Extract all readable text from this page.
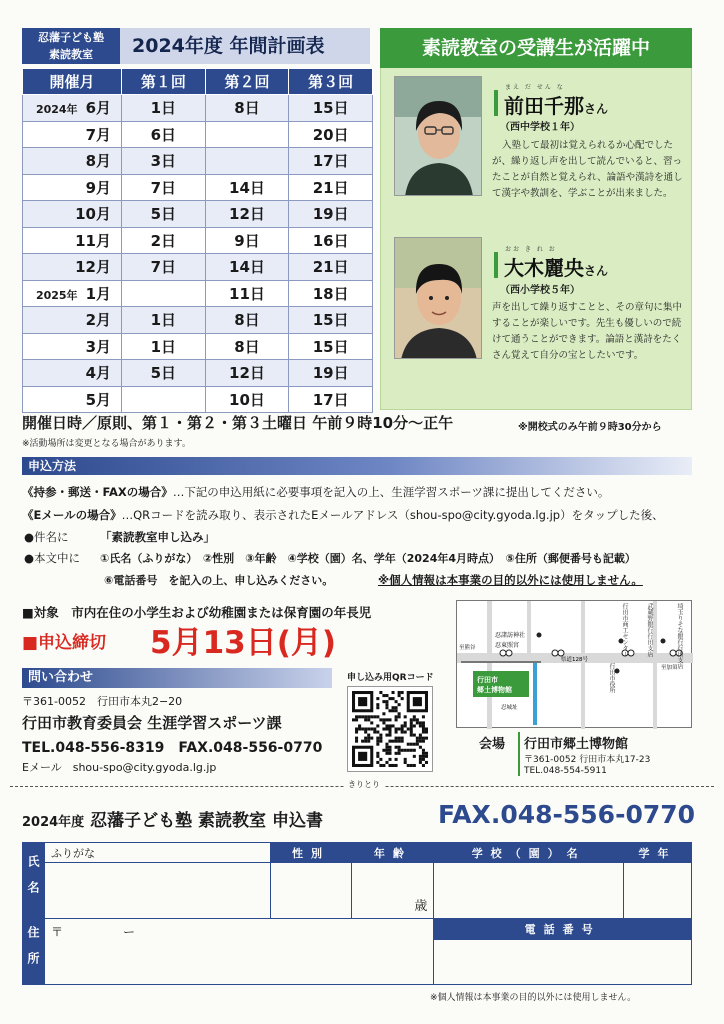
忍藩子ども塾
素読教室	2024年度 年間計画表
開催月	第１回	第２回	第３回
2024年 6月	1日	8日	15日
7月	6日		20日
8月	3日		17日
9月	7日	14日	21日
10月	5日	12日	19日
11月	2日	9日	16日
12月	7日	14日	21日
2025年 1月		11日	18日
2月	1日	8日	15日
3月	1日	8日	15日
4月	5日	12日	19日
5月		10日	17日
素読教室の受講生が活躍中
まえ だ せん な
前田千那さん
（西中学校１年）
入塾して最初は覚えられるか心配でしたが、繰り返し声を出して読んでいると、習ったことが自然と覚えられ、論語や漢詩を通して漢字や教訓を、学ぶことが出来ました。
おお き れ お
大木麗央さん
（西小学校５年）
声を出して繰り返すことと、その章句に集中することが楽しいです。先生も優しいので続けて通うことができます。論語と漢詩をたくさん覚えて自分の宝としたいです。
開催日時／原則、第１・第２・第３土曜日 午前９時10分〜正午	※開校式のみ午前９時30分から
※活動場所は変更となる場合があります。
申込方法
《持参・郵送・FAXの場合》…下記の申込用紙に必要事項を記入の上、生涯学習スポーツ課に提出してください。
《Eメールの場合》…QRコードを読み取り、表示されたEメールアドレス（shou-spo@city.gyoda.lg.jp）をタップした後、
●件名に	「素読教室申し込み」
●本文中に ①氏名（ふりがな）　②性別　③年齢　④学校（園）名、学年（2024年4月時点）　⑤住所（郵便番号も記載）
⑥電話番号　を記入の上、申し込みください。	※個人情報は本事業の目的以外には使用しません。
■対象　市内在住の小学生および幼稚園または保育園の年長児
■申込締切 5月13日(月)
問い合わせ
〒361-0052　行田市本丸2−20
行田市教育委員会 生涯学習スポーツ課
TEL.048-556-8319　FAX.048-556-0770
Eメール　shou-spo@city.gyoda.lg.jp
申し込み用QRコード
忍諸訪神社
忍東照宮
至熊谷
県道128号
至加須
行田市
郷土博物館
忍城址
行田市役所
行田市商工センター	武蔵野銀行行田支店	埼玉りそな銀行行田支店
会場 行田市郷土博物館
〒361-0052 行田市本丸17-23
TEL.048-554-5911
きりとり
2024年度 忍藩子ども塾 素読教室 申込書	FAX.048-556-0770
氏名	ふりがな	性別	年齢	学校（園）名	学年
			歳		

住所	〒　　　　　ー			電話番号	

※個人情報は本事業の目的以外には使用しません。
